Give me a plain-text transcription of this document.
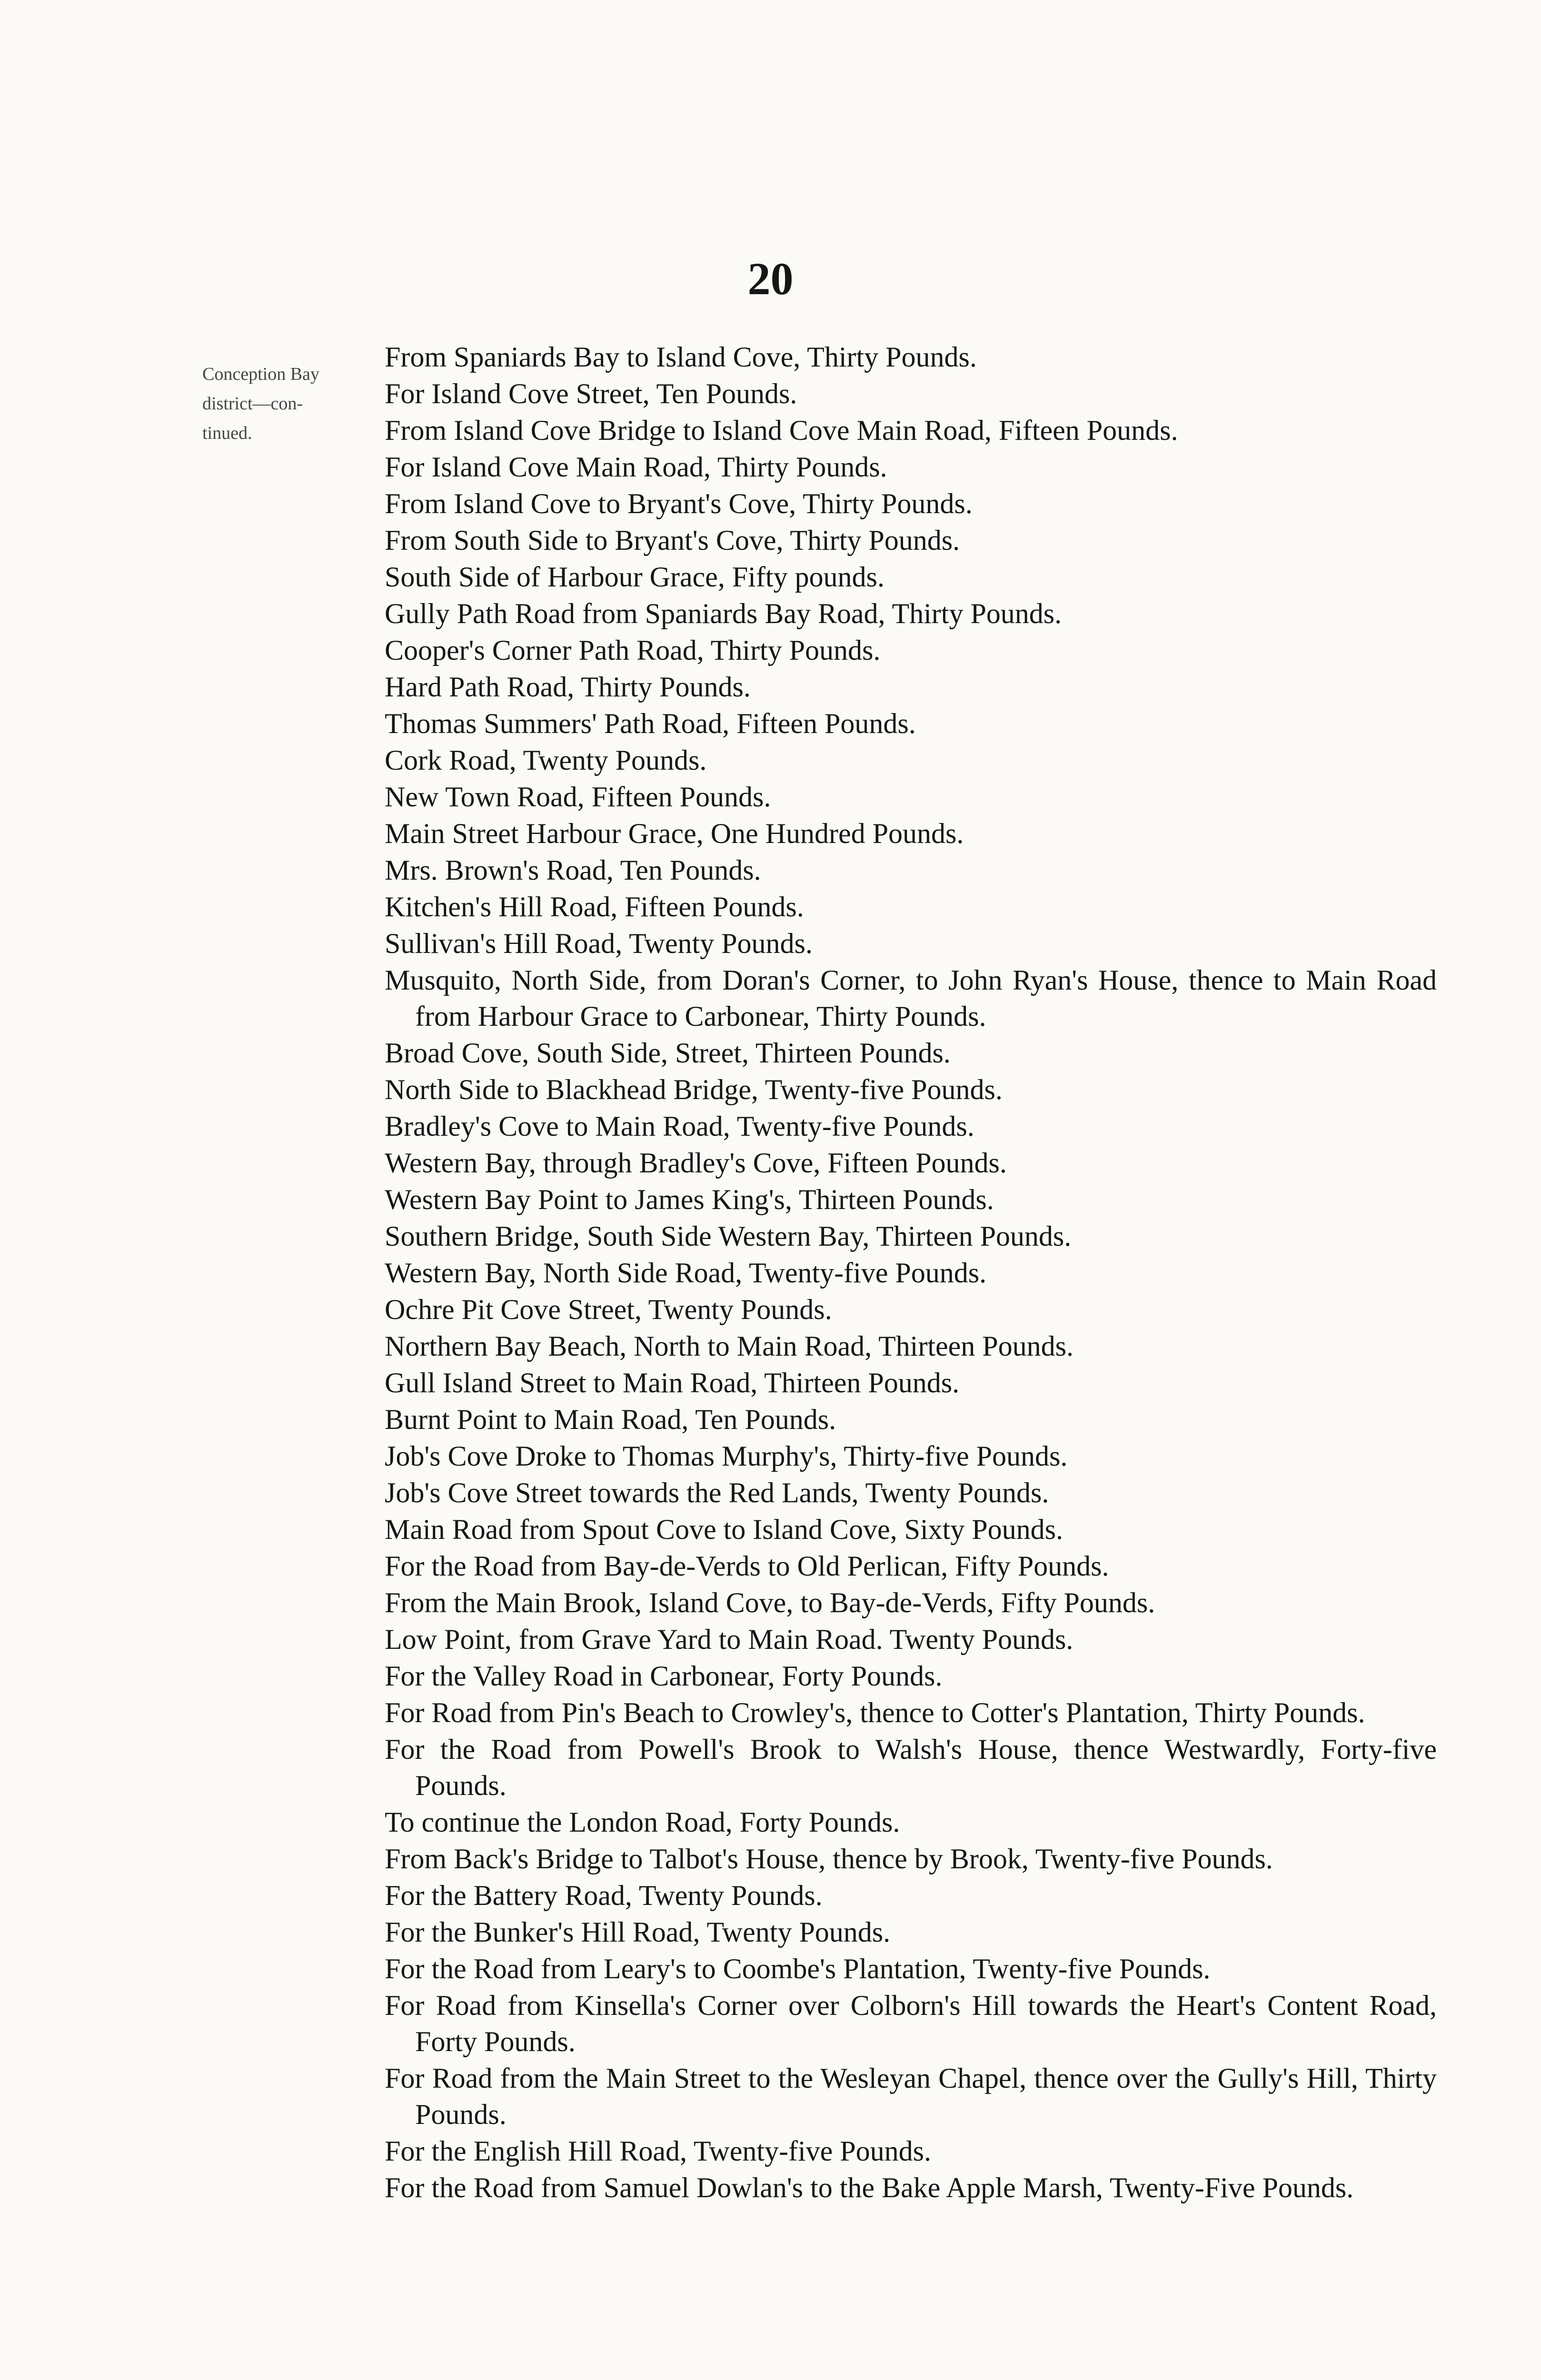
20
Conception Bay
district—con-
tinued.
From Spaniards Bay to Island Cove, Thirty Pounds.
For Island Cove Street, Ten Pounds.
From Island Cove Bridge to Island Cove Main Road, Fifteen Pounds.
For Island Cove Main Road, Thirty Pounds.
From Island Cove to Bryant's Cove, Thirty Pounds.
From South Side to Bryant's Cove, Thirty Pounds.
South Side of Harbour Grace, Fifty pounds.
Gully Path Road from Spaniards Bay Road, Thirty Pounds.
Cooper's Corner Path Road, Thirty Pounds.
Hard Path Road, Thirty Pounds.
Thomas Summers' Path Road, Fifteen Pounds.
Cork Road, Twenty Pounds.
New Town Road, Fifteen Pounds.
Main Street Harbour Grace, One Hundred Pounds.
Mrs. Brown's Road, Ten Pounds.
Kitchen's Hill Road, Fifteen Pounds.
Sullivan's Hill Road, Twenty Pounds.
Musquito, North Side, from Doran's Corner, to John Ryan's House, thence to Main Road from Harbour Grace to Carbonear, Thirty Pounds.
Broad Cove, South Side, Street, Thirteen Pounds.
North Side to Blackhead Bridge, Twenty-five Pounds.
Bradley's Cove to Main Road, Twenty-five Pounds.
Western Bay, through Bradley's Cove, Fifteen Pounds.
Western Bay Point to James King's, Thirteen Pounds.
Southern Bridge, South Side Western Bay, Thirteen Pounds.
Western Bay, North Side Road, Twenty-five Pounds.
Ochre Pit Cove Street, Twenty Pounds.
Northern Bay Beach, North to Main Road, Thirteen Pounds.
Gull Island Street to Main Road, Thirteen Pounds.
Burnt Point to Main Road, Ten Pounds.
Job's Cove Droke to Thomas Murphy's, Thirty-five Pounds.
Job's Cove Street towards the Red Lands, Twenty Pounds.
Main Road from Spout Cove to Island Cove, Sixty Pounds.
For the Road from Bay-de-Verds to Old Perlican, Fifty Pounds.
From the Main Brook, Island Cove, to Bay-de-Verds, Fifty Pounds.
Low Point, from Grave Yard to Main Road. Twenty Pounds.
For the Valley Road in Carbonear, Forty Pounds.
For Road from Pin's Beach to Crowley's, thence to Cotter's Plantation, Thirty Pounds.
For the Road from Powell's Brook to Walsh's House, thence Westwardly, Forty-five Pounds.
To continue the London Road, Forty Pounds.
From Back's Bridge to Talbot's House, thence by Brook, Twenty-five Pounds.
For the Battery Road, Twenty Pounds.
For the Bunker's Hill Road, Twenty Pounds.
For the Road from Leary's to Coombe's Plantation, Twenty-five Pounds.
For Road from Kinsella's Corner over Colborn's Hill towards the Heart's Content Road, Forty Pounds.
For Road from the Main Street to the Wesleyan Chapel, thence over the Gully's Hill, Thirty Pounds.
For the English Hill Road, Twenty-five Pounds.
For the Road from Samuel Dowlan's to the Bake Apple Marsh, Twenty-Five Pounds.
